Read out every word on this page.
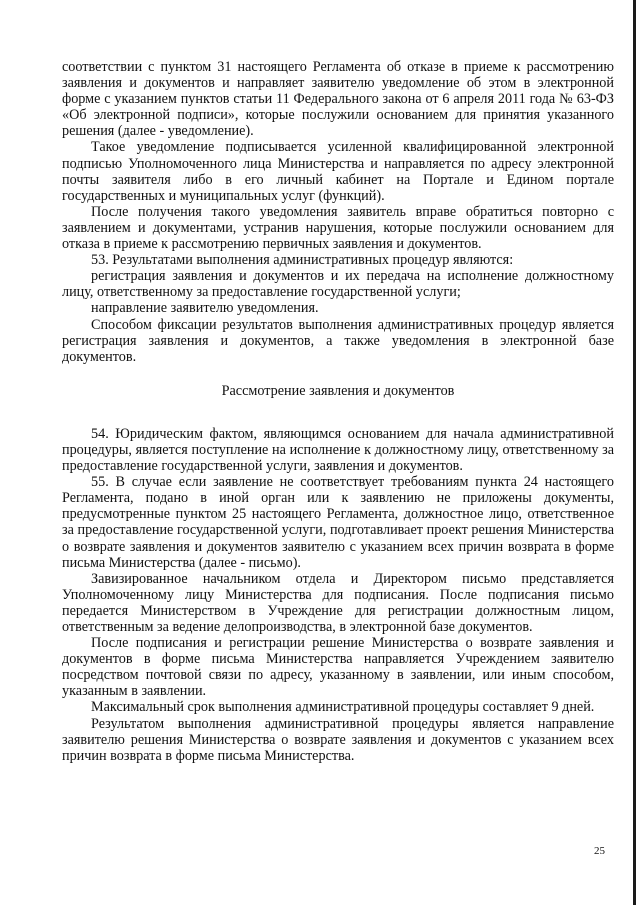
соответствии с пунктом 31 настоящего Регламента об отказе в приеме к рассмотрению заявления и документов и направляет заявителю уведомление об этом в электронной форме с указанием пунктов статьи 11 Федерального закона от 6 апреля 2011 года № 63-ФЗ «Об электронной подписи», которые послужили основанием для принятия указанного решения (далее - уведомление).

Такое уведомление подписывается усиленной квалифицированной электронной подписью Уполномоченного лица Министерства и направляется по адресу электронной почты заявителя либо в его личный кабинет на Портале и Едином портале государственных и муниципальных услуг (функций).

После получения такого уведомления заявитель вправе обратиться повторно с заявлением и документами, устранив нарушения, которые послужили основанием для отказа в приеме к рассмотрению первичных заявления и документов.

53. Результатами выполнения административных процедур являются:

регистрация заявления и документов и их передача на исполнение должностному лицу, ответственному за предоставление государственной услуги;

направление заявителю уведомления.

Способом фиксации результатов выполнения административных процедур является регистрация заявления и документов, а также уведомления в электронной базе документов.

Рассмотрение заявления и документов

54. Юридическим фактом, являющимся основанием для начала административной процедуры, является поступление на исполнение к должностному лицу, ответственному за предоставление государственной услуги, заявления и документов.

55. В случае если заявление не соответствует требованиям пункта 24 настоящего Регламента, подано в иной орган или к заявлению не приложены документы, предусмотренные пунктом 25 настоящего Регламента, должностное лицо, ответственное за предоставление государственной услуги, подготавливает проект решения Министерства о возврате заявления и документов заявителю с указанием всех причин возврата в форме письма Министерства (далее - письмо).

Завизированное начальником отдела и Директором письмо представляется Уполномоченному лицу Министерства для подписания. После подписания письмо передается Министерством в Учреждение для регистрации должностным лицом, ответственным за ведение делопроизводства, в электронной базе документов.

После подписания и регистрации решение Министерства о возврате заявления и документов в форме письма Министерства направляется Учреждением заявителю посредством почтовой связи по адресу, указанному в заявлении, или иным способом, указанным в заявлении.

Максимальный срок выполнения административной процедуры составляет 9 дней.

Результатом выполнения административной процедуры является направление заявителю решения Министерства о возврате заявления и документов с указанием всех причин возврата в форме письма Министерства.

25
